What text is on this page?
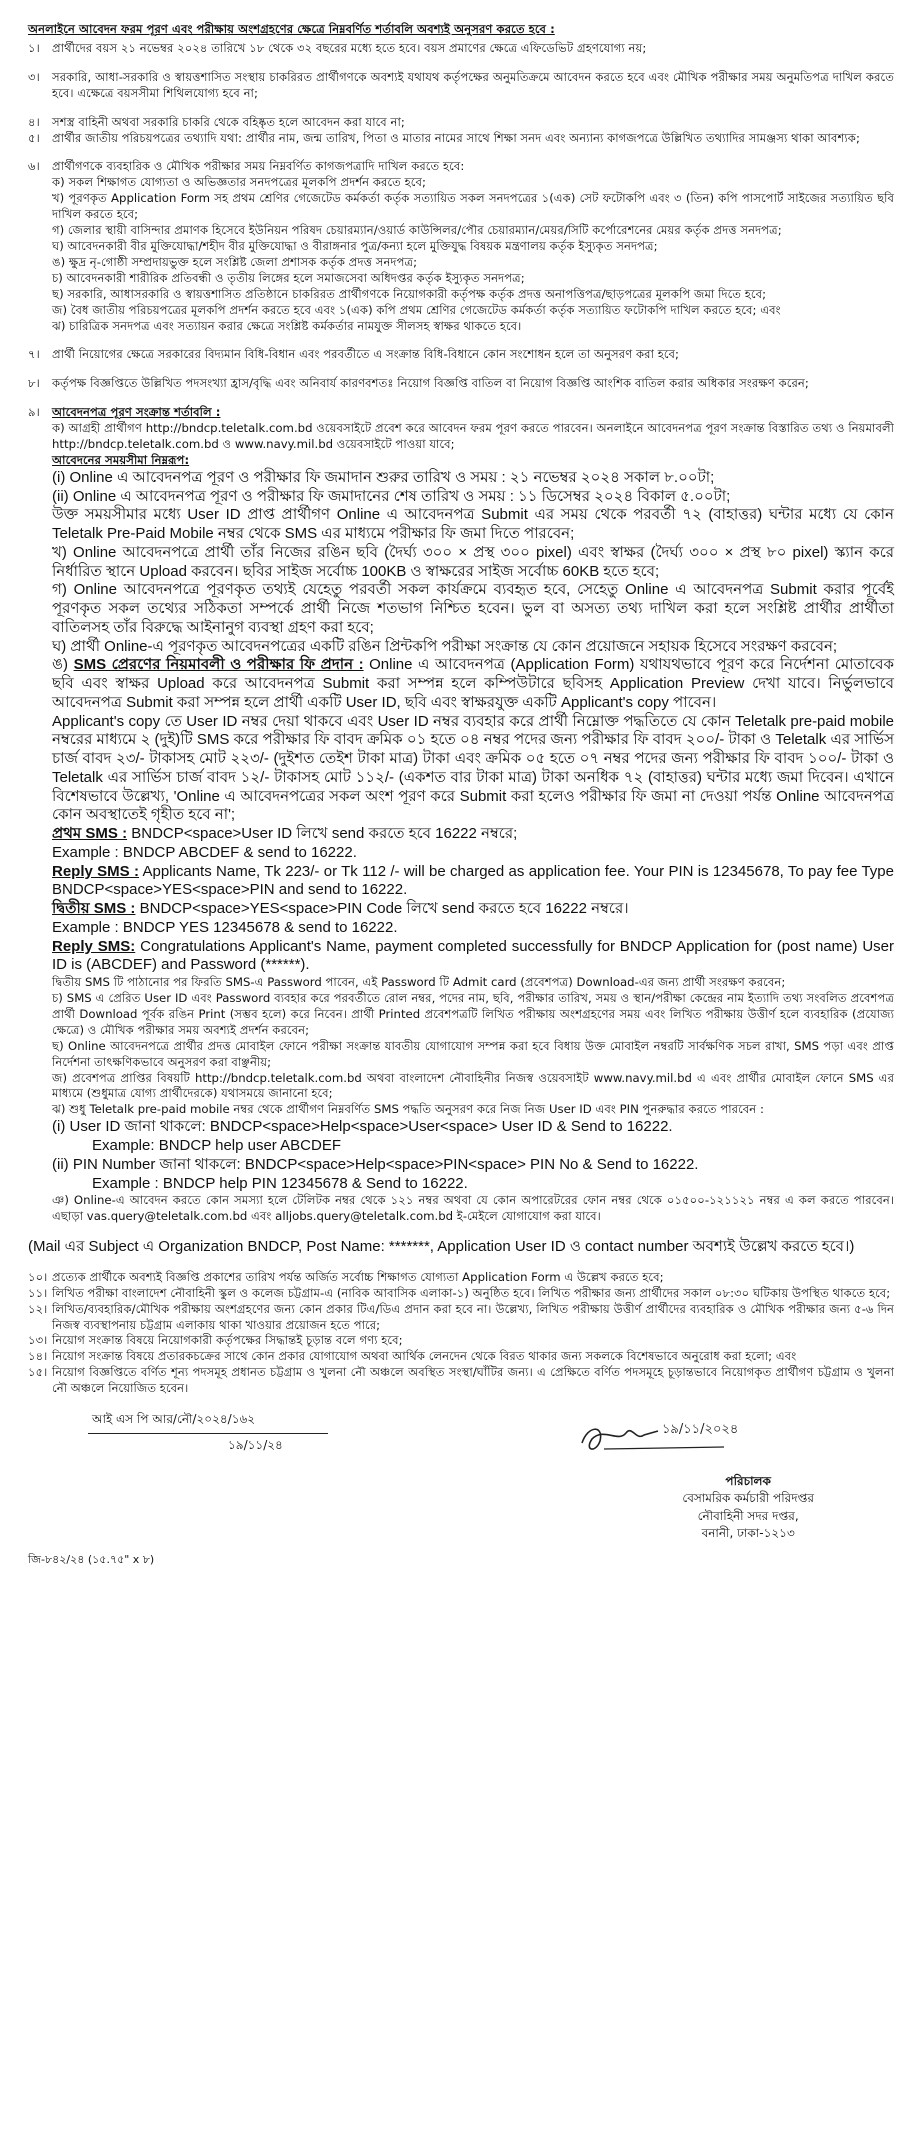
অনলাইনে আবেদন ফরম পূরণ এবং পরীক্ষায় অংশগ্রহণের ক্ষেত্রে নিম্নবর্ণিত শর্তাবলি অবশ্যই অনুসরণ করতে হবে :
১।	প্রার্থীদের বয়স ২১ নভেম্বর ২০২৪ তারিখে ১৮ থেকে ৩২ বছরের মধ্যে হতে হবে। বয়স প্রমাণের ক্ষেত্রে এফিডেভিট গ্রহণযোগ্য নয়;
৩।	সরকারি, আধা-সরকারি ও স্বায়ত্তশাসিত সংস্থায় চাকরিরত প্রার্থীগণকে অবশ্যই যথাযথ কর্তৃপক্ষের অনুমতিক্রমে আবেদন করতে হবে এবং মৌখিক পরীক্ষার সময় অনুমতিপত্র দাখিল করতে হবে। এক্ষেত্রে বয়সসীমা শিথিলযোগ্য হবে না;
৪।	সশস্ত্র বাহিনী অথবা সরকারি চাকরি থেকে বহিষ্কৃত হলে আবেদন করা যাবে না;
৫।	প্রার্থীর জাতীয় পরিচয়পত্রের তথ্যাদি যথা: প্রার্থীর নাম, জন্ম তারিখ, পিতা ও মাতার নামের সাথে শিক্ষা সনদ এবং অন্যান্য কাগজপত্রে উল্লিখিত তথ্যাদির সামঞ্জস্য থাকা আবশ্যক;
৬।	প্রার্থীগণকে ব্যবহারিক ও মৌখিক পরীক্ষার সময় নিম্নবর্ণিত কাগজপত্রাদি দাখিল করতে হবে:
ক) সকল শিক্ষাগত যোগ্যতা ও অভিজ্ঞতার সনদপত্রের মূলকপি প্রদর্শন করতে হবে;
খ) পূরণকৃত Application Form সহ প্রথম শ্রেণির গেজেটেড কর্মকর্তা কর্তৃক সত্যায়িত সকল সনদপত্রের ১(এক) সেট ফটোকপি এবং ৩ (তিন) কপি পাসপোর্ট সাইজের সত্যায়িত ছবি দাখিল করতে হবে;
গ) জেলার স্থায়ী বাসিন্দার প্রমাণক হিসেবে ইউনিয়ন পরিষদ চেয়ারম্যান/ওয়ার্ড কাউন্সিলর/পৌর চেয়ারম্যান/মেয়র/সিটি কর্পোরেশনের মেয়র কর্তৃক প্রদত্ত সনদপত্র;
ঘ) আবেদনকারী বীর মুক্তিযোদ্ধা/শহীদ বীর মুক্তিযোদ্ধা ও বীরাঙ্গনার পুত্র/কন্যা হলে মুক্তিযুদ্ধ বিষয়ক মন্ত্রণালয় কর্তৃক ইস্যুকৃত সনদপত্র;
ঙ) ক্ষুদ্র নৃ-গোষ্ঠী সম্প্রদায়ভুক্ত হলে সংশ্লিষ্ট জেলা প্রশাসক কর্তৃক প্রদত্ত সনদপত্র;
চ) আবেদনকারী শারীরিক প্রতিবন্ধী ও তৃতীয় লিঙ্গের হলে সমাজসেবা অধিদপ্তর কর্তৃক ইস্যুকৃত সনদপত্র;
ছ) সরকারি, আধাসরকারি ও স্বায়ত্তশাসিত প্রতিষ্ঠানে চাকরিরত প্রার্থীগণকে নিয়োগকারী কর্তৃপক্ষ কর্তৃক প্রদত্ত অনাপত্তিপত্র/ছাড়পত্রের মূলকপি জমা দিতে হবে;
জ) বৈধ জাতীয় পরিচয়পত্রের মূলকপি প্রদর্শন করতে হবে এবং ১(এক) কপি প্রথম শ্রেণির গেজেটেড কর্মকর্তা কর্তৃক সত্যায়িত ফটোকপি দাখিল করতে হবে; এবং
ঝ) চারিত্রিক সনদপত্র এবং সত্যায়ন করার ক্ষেত্রে সংশ্লিষ্ট কর্মকর্তার নামযুক্ত সীলসহ স্বাক্ষর থাকতে হবে।
৭।	প্রার্থী নিয়োগের ক্ষেত্রে সরকারের বিদ্যমান বিধি-বিধান এবং পরবর্তীতে এ সংক্রান্ত বিধি-বিধানে কোন সংশোধন হলে তা অনুসরণ করা হবে;
৮।	কর্তৃপক্ষ বিজ্ঞপ্তিতে উল্লিখিত পদসংখ্যা হ্রাস/বৃদ্ধি এবং অনিবার্য কারণবশতঃ নিয়োগ বিজ্ঞপ্তি বাতিল বা নিয়োগ বিজ্ঞপ্তি আংশিক বাতিল করার অধিকার সংরক্ষণ করেন;
৯।	আবেদনপত্র পূরণ সংক্রান্ত শর্তাবলি :
ক) আগ্রহী প্রার্থীগণ http://bndcp.teletalk.com.bd ওয়েবসাইটে প্রবেশ করে আবেদন ফরম পূরণ করতে পারবেন। অনলাইনে আবেদনপত্র পূরণ সংক্রান্ত বিস্তারিত তথ্য ও নিয়মাবলী http://bndcp.teletalk.com.bd ও www.navy.mil.bd ওয়েবসাইটে পাওয়া যাবে;
আবেদনের সময়সীমা নিম্নরূপ:
(i) Online এ আবেদনপত্র পূরণ ও পরীক্ষার ফি জমাদান শুরুর তারিখ ও সময় : ২১ নভেম্বর ২০২৪ সকাল ৮.০০টা;
(ii) Online এ আবেদনপত্র পূরণ ও পরীক্ষার ফি জমাদানের শেষ তারিখ ও সময় : ১১ ডিসেম্বর ২০২৪ বিকাল ৫.০০টা;
উক্ত সময়সীমার মধ্যে User ID প্রাপ্ত প্রার্থীগণ Online এ আবেদনপত্র Submit এর সময় থেকে পরবর্তী ৭২ (বাহাত্তর) ঘন্টার মধ্যে যে কোন Teletalk Pre-Paid Mobile নম্বর থেকে SMS এর মাধ্যমে পরীক্ষার ফি জমা দিতে পারবেন;
খ) Online আবেদনপত্রে প্রার্থী তাঁর নিজের রঙিন ছবি (দৈর্ঘ্য ৩০০ × প্রস্থ ৩০০ pixel) এবং স্বাক্ষর (দৈর্ঘ্য ৩০০ × প্রস্থ ৮০ pixel) স্ক্যান করে নির্ধারিত স্থানে Upload করবেন। ছবির সাইজ সর্বোচ্চ 100KB ও স্বাক্ষরের সাইজ সর্বোচ্চ 60KB হতে হবে;
গ) Online আবেদনপত্রে পূরণকৃত তথ্যই যেহেতু পরবর্তী সকল কার্যক্রমে ব্যবহৃত হবে, সেহেতু Online এ আবেদনপত্র Submit করার পূর্বেই পূরণকৃত সকল তথ্যের সঠিকতা সম্পর্কে প্রার্থী নিজে শতভাগ নিশ্চিত হবেন। ভুল বা অসত্য তথ্য দাখিল করা হলে সংশ্লিষ্ট প্রার্থীর প্রার্থীতা বাতিলসহ তাঁর বিরুদ্ধে আইনানুগ ব্যবস্থা গ্রহণ করা হবে;
ঘ) প্রার্থী Online-এ পূরণকৃত আবেদনপত্রের একটি রঙিন প্রিন্টকপি পরীক্ষা সংক্রান্ত যে কোন প্রয়োজনে সহায়ক হিসেবে সংরক্ষণ করবেন;
ঙ) SMS প্রেরণের নিয়মাবলী ও পরীক্ষার ফি প্রদান : Online এ আবেদনপত্র (Application Form) যথাযথভাবে পূরণ করে নির্দেশনা মোতাবেক ছবি এবং স্বাক্ষর Upload করে আবেদনপত্র Submit করা সম্পন্ন হলে কম্পিউটারে ছবিসহ Application Preview দেখা যাবে। নির্ভুলভাবে আবেদনপত্র Submit করা সম্পন্ন হলে প্রার্থী একটি User ID, ছবি এবং স্বাক্ষরযুক্ত একটি Applicant's copy পাবেন।
Applicant's copy তে User ID নম্বর দেয়া থাকবে এবং User ID নম্বর ব্যবহার করে প্রার্থী নিম্নোক্ত পদ্ধতিতে যে কোন Teletalk pre-paid mobile নম্বরের মাধ্যমে ২ (দুই)টি SMS করে পরীক্ষার ফি বাবদ ক্রমিক ০১ হতে ০৪ নম্বর পদের জন্য পরীক্ষার ফি বাবদ ২০০/- টাকা ও Teletalk এর সার্ভিস চার্জ বাবদ ২৩/- টাকাসহ মোট ২২৩/- (দুইশত তেইশ টাকা মাত্র) টাকা এবং ক্রমিক ০৫ হতে ০৭ নম্বর পদের জন্য পরীক্ষার ফি বাবদ ১০০/- টাকা ও Teletalk এর সার্ভিস চার্জ বাবদ ১২/- টাকাসহ মোট ১১২/- (একশত বার টাকা মাত্র) টাকা অনধিক ৭২ (বাহাত্তর) ঘন্টার মধ্যে জমা দিবেন। এখানে বিশেষভাবে উল্লেখ্য, 'Online এ আবেদনপত্রের সকল অংশ পূরণ করে Submit করা হলেও পরীক্ষার ফি জমা না দেওয়া পর্যন্ত Online আবেদনপত্র কোন অবস্থাতেই গৃহীত হবে না';
প্রথম SMS : BNDCP<space>User ID লিখে send করতে হবে 16222 নম্বরে;
Example : BNDCP ABCDEF & send to 16222.
Reply SMS : Applicants Name, Tk 223/- or Tk 112 /- will be charged as application fee. Your PIN is 12345678, To pay fee Type BNDCP<space>YES<space>PIN and send to 16222.
দ্বিতীয় SMS : BNDCP<space>YES<space>PIN Code লিখে send করতে হবে 16222 নম্বরে।
Example : BNDCP YES 12345678 & send to 16222.
Reply SMS: Congratulations Applicant's Name, payment completed successfully for BNDCP Application for (post name) User ID is (ABCDEF) and Password (******).
দ্বিতীয় SMS টি পাঠানোর পর ফিরতি SMS-এ Password পাবেন, এই Password টি Admit card (প্রবেশপত্র) Download-এর জন্য প্রার্থী সংরক্ষণ করবেন;
চ) SMS এ প্রেরিত User ID এবং Password ব্যবহার করে পরবর্তীতে রোল নম্বর, পদের নাম, ছবি, পরীক্ষার তারিখ, সময় ও স্থান/পরীক্ষা কেন্দ্রের নাম ইত্যাদি তথ্য সংবলিত প্রবেশপত্র প্রার্থী Download পূর্বক রঙিন Print (সম্ভব হলে) করে নিবেন। প্রার্থী Printed প্রবেশপত্রটি লিখিত পরীক্ষায় অংশগ্রহণের সময় এবং লিখিত পরীক্ষায় উত্তীর্ণ হলে ব্যবহারিক (প্রযোজ্য ক্ষেত্রে) ও মৌখিক পরীক্ষার সময় অবশ্যই প্রদর্শন করবেন;
ছ) Online আবেদনপত্রে প্রার্থীর প্রদত্ত মোবাইল ফোনে পরীক্ষা সংক্রান্ত যাবতীয় যোগাযোগ সম্পন্ন করা হবে বিধায় উক্ত মোবাইল নম্বরটি সার্বক্ষণিক সচল রাখা, SMS পড়া এবং প্রাপ্ত নির্দেশনা তাৎক্ষণিকভাবে অনুসরণ করা বাঞ্ছনীয়;
জ) প্রবেশপত্র প্রাপ্তির বিষয়টি http://bndcp.teletalk.com.bd অথবা বাংলাদেশ নৌবাহিনীর নিজস্ব ওয়েবসাইট www.navy.mil.bd এ এবং প্রার্থীর মোবাইল ফোনে SMS এর মাধ্যমে (শুধুমাত্র যোগ্য প্রার্থীদেরকে) যথাসময়ে জানানো হবে;
ঝ) শুধু Teletalk pre-paid mobile নম্বর থেকে প্রার্থীগণ নিম্নবর্ণিত SMS পদ্ধতি অনুসরণ করে নিজ নিজ User ID এবং PIN পুনরুদ্ধার করতে পারবেন :
(i) User ID জানা থাকলে: BNDCP<space>Help<space>User<space> User ID & Send to 16222.
Example: BNDCP help user ABCDEF
(ii) PIN Number জানা থাকলে: BNDCP<space>Help<space>PIN<space> PIN No & Send to 16222.
Example : BNDCP help PIN 12345678 & Send to 16222.
ঞ) Online-এ আবেদন করতে কোন সমস্যা হলে টেলিটক নম্বর থেকে ১২১ নম্বর অথবা যে কোন অপারেটরের ফোন নম্বর থেকে ০১৫০০-১২১১২১ নম্বর এ কল করতে পারবেন। এছাড়া vas.query@teletalk.com.bd এবং alljobs.query@teletalk.com.bd ই-মেইলে যোগাযোগ করা যাবে।
(Mail এর Subject এ Organization BNDCP, Post Name: *******, Application User ID ও contact number অবশ্যই উল্লেখ করতে হবে।)
১০। প্রত্যেক প্রার্থীকে অবশ্যই বিজ্ঞপ্তি প্রকাশের তারিখ পর্যন্ত অর্জিত সর্বোচ্চ শিক্ষাগত যোগ্যতা Application Form এ উল্লেখ করতে হবে;
১১। লিখিত পরীক্ষা বাংলাদেশ নৌবাহিনী স্কুল ও কলেজ চট্টগ্রাম-এ (নাবিক আবাসিক এলাকা-১) অনুষ্ঠিত হবে। লিখিত পরীক্ষার জন্য প্রার্থীদের সকাল ০৮:৩০ ঘটিকায় উপস্থিত থাকতে হবে;
১২। লিখিত/ব্যবহারিক/মৌখিক পরীক্ষায় অংশগ্রহণের জন্য কোন প্রকার টিএ/ডিএ প্রদান করা হবে না। উল্লেখ্য, লিখিত পরীক্ষায় উত্তীর্ণ প্রার্থীদের ব্যবহারিক ও মৌখিক পরীক্ষার জন্য ৫-৬ দিন নিজস্ব ব্যবস্থাপনায় চট্টগ্রাম এলাকায় থাকা খাওয়ার প্রয়োজন হতে পারে;
১৩। নিয়োগ সংক্রান্ত বিষয়ে নিয়োগকারী কর্তৃপক্ষের সিদ্ধান্তই চূড়ান্ত বলে গণ্য হবে;
১৪। নিয়োগ সংক্রান্ত বিষয়ে প্রতারকচক্রের সাথে কোন প্রকার যোগাযোগ অথবা আর্থিক লেনদেন থেকে বিরত থাকার জন্য সকলকে বিশেষভাবে অনুরোধ করা হলো; এবং
১৫। নিয়োগ বিজ্ঞপ্তিতে বর্ণিত শূন্য পদসমূহ প্রধানত চট্টগ্রাম ও খুলনা নৌ অঞ্চলে অবস্থিত সংস্থা/ঘাঁটির জন্য। এ প্রেক্ষিতে বর্ণিত পদসমূহে চূড়ান্তভাবে নিয়োগকৃত প্রার্থীগণ চট্টগ্রাম ও খুলনা নৌ অঞ্চলে নিয়োজিত হবেন।
আই এস পি আর/নৌ/২০২৪/১৬২
১৯/১১/২৪
১৯/১১/২০২৪
পরিচালক
বেসামরিক কর্মচারী পরিদপ্তর
নৌবাহিনী সদর দপ্তর,
বনানী, ঢাকা-১২১৩
জি-৮৪২/২৪ (১৫.৭৫" x ৮)
